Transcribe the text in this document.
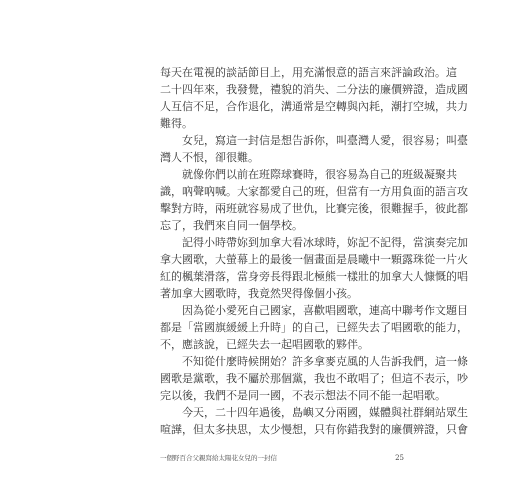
每天在電視的談話節目上，用充滿恨意的語言來評論政治。這
二十四年來，我發覺，禮貌的消失、二分法的廉價辨證，造成國
人互信不足，合作退化，溝通常是空轉與內耗，潮打空城，共力
難得。
　　女兒，寫這一封信是想告訴你，叫臺灣人愛，很容易；叫臺
灣人不恨，卻很難。
　　就像你們以前在班際球賽時，很容易為自己的班級凝聚共
識，吶聲吶喊。大家都愛自己的班，但當有一方用負面的語言攻
擊對方時，兩班就容易成了世仇，比賽完後，很難握手，彼此都
忘了，我們來自同一個學校。
　　記得小時帶妳到加拿大看冰球時，妳記不記得，當演奏完加
拿大國歌，大螢幕上的最後一個畫面是晨曦中一顆露珠從一片火
紅的楓葉滑落，當身旁長得跟北極熊一樣壯的加拿大人慷慨的唱
著加拿大國歌時，我竟然哭得像個小孩。
　　因為從小愛死自己國家，喜歡唱國歌，連高中聯考作文題目
都是「當國旗緩緩上升時」的自己，已經失去了唱國歌的能力，
不，應該說，已經失去一起唱國歌的夥伴。
　　不知從什麼時候開始？許多拿麥克風的人告訴我們，這一條
國歌是黨歌，我不屬於那個黨，我也不敢唱了；但這不表示，吵
完以後，我們不是同一國，不表示想法不同不能一起唱歌。
　　今天，二十四年過後，島嶼又分兩國，媒體與社群網站眾生
喧譁，但太多抉思，太少慢想，只有你錯我對的廉價辨證，只會
一個野百合父親寫給太陽花女兒的一封信	25
